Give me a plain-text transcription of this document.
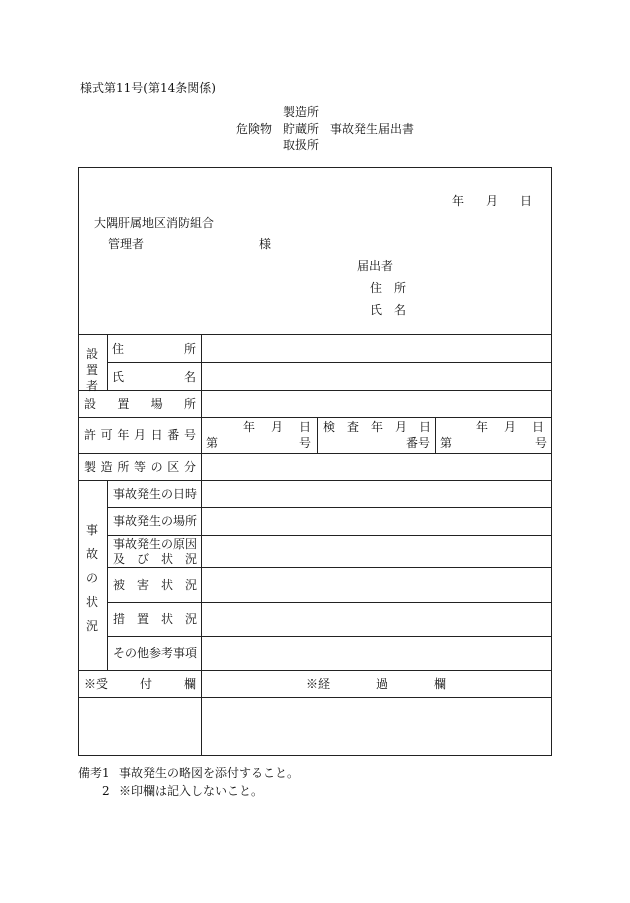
様式第11号(第14条関係)
製造所
危険物 貯蔵所 事故発生届出書
取扱所
年 月 日
大隅肝属地区消防組合
管理者	様
届出者
住 所
氏 名
設
置
者
住	所
氏	名
設 置 場 所
許 可 年 月 日 番 号
年 月 日
第	号
検 査 年 月 日
番号
年 月 日
第	号
製 造 所 等 の 区 分
事
故
の
状
況
事故発生の日時
事故発生の場所
事故発生の原因
及 び 状 況
被 害 状 況
措 置 状 況
その他参考事項
※受	付	欄	※経	過	欄
備考1 事故発生の略図を添付すること。
2 ※印欄は記入しないこと。
